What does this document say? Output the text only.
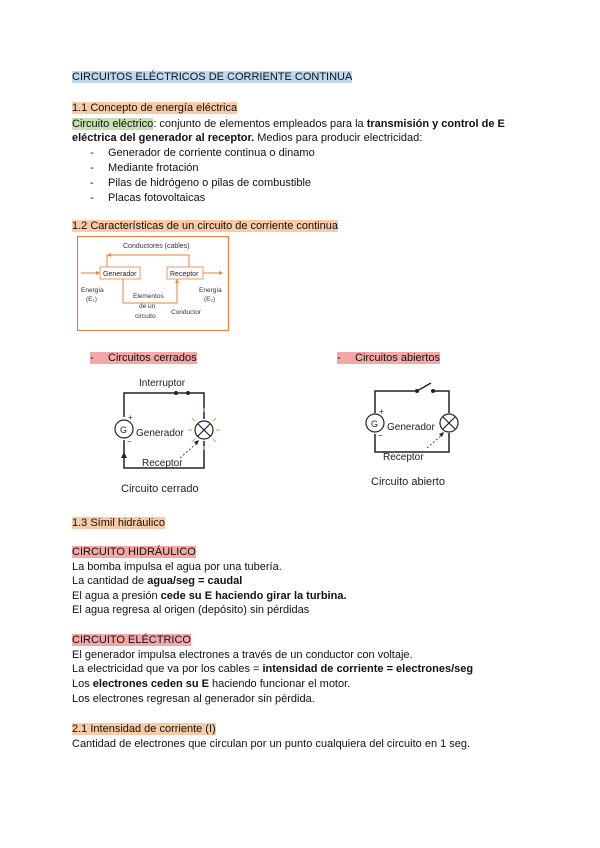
CIRCUITOS ELÉCTRICOS DE CORRIENTE CONTINUA
1.1 Concepto de energía eléctrica
Circuito eléctrico: conjunto de elementos empleados para la transmisión y control de E
eléctrica del generador al receptor. Medios para producir electricidad:
- Generador de corriente continua o dinamo
- Mediante frotación
- Pilas de hidrógeno o pilas de combustible
- Placas fotovoltaicas
1.2 Características de un circuito de corriente continua
Conductores (cables)
Generador	Receptor
Energía
(E₁)
Energía
(E₂)
Elementos
de un
circuito
Conductor
- Circuitos cerrados	- Circuitos abiertos
Interruptor
G
+
−
Generador
Receptor
Circuito cerrado
G
+
−
Generador
Receptor
Circuito abierto
1.3 Símil hidráulico
CIRCUITO HIDRÁULICO
La bomba impulsa el agua por una tubería.
La cantidad de agua/seg = caudal
El agua a presión cede su E haciendo girar la turbina.
El agua regresa al origen (depósito) sin pérdidas
CIRCUITO ELÉCTRICO
El generador impulsa electrones a través de un conductor con voltaje.
La electricidad que va por los cables = intensidad de corriente = electrones/seg
Los electrones ceden su E haciendo funcionar el motor.
Los electrones regresan al generador sin pérdida.
2.1 Intensidad de corriente (I)
Cantidad de electrones que circulan por un punto cualquiera del circuito en 1 seg.
